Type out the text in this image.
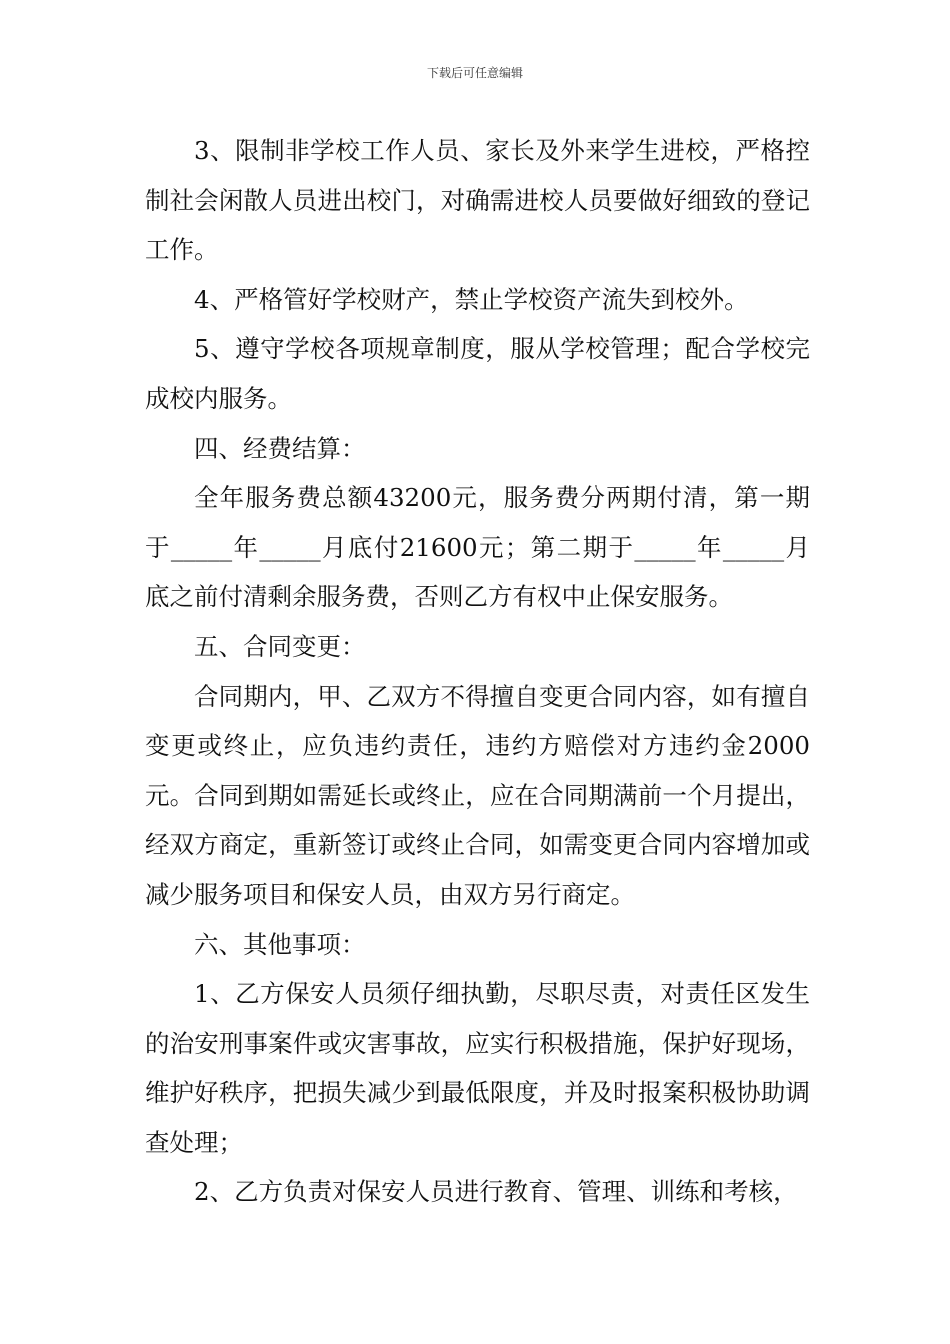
下载后可任意编辑

3、限制非学校工作人员、家长及外来学生进校，严格控制社会闲散人员进出校门，对确需进校人员要做好细致的登记工作。

4、严格管好学校财产，禁止学校资产流失到校外。

5、遵守学校各项规章制度，服从学校管理；配合学校完成校内服务。

四、经费结算：

全年服务费总额43200元，服务费分两期付清，第一期于_____年_____月底付21600元；第二期于_____年_____月底之前付清剩余服务费，否则乙方有权中止保安服务。

五、合同变更：

合同期内，甲、乙双方不得擅自变更合同内容，如有擅自变更或终止，应负违约责任，违约方赔偿对方违约金2000元。合同到期如需延长或终止，应在合同期满前一个月提出，经双方商定，重新签订或终止合同，如需变更合同内容增加或减少服务项目和保安人员，由双方另行商定。

六、其他事项：

1、乙方保安人员须仔细执勤，尽职尽责，对责任区发生的治安刑事案件或灾害事故，应实行积极措施，保护好现场，维护好秩序，把损失减少到最低限度，并及时报案积极协助调查处理；

2、乙方负责对保安人员进行教育、管理、训练和考核，
